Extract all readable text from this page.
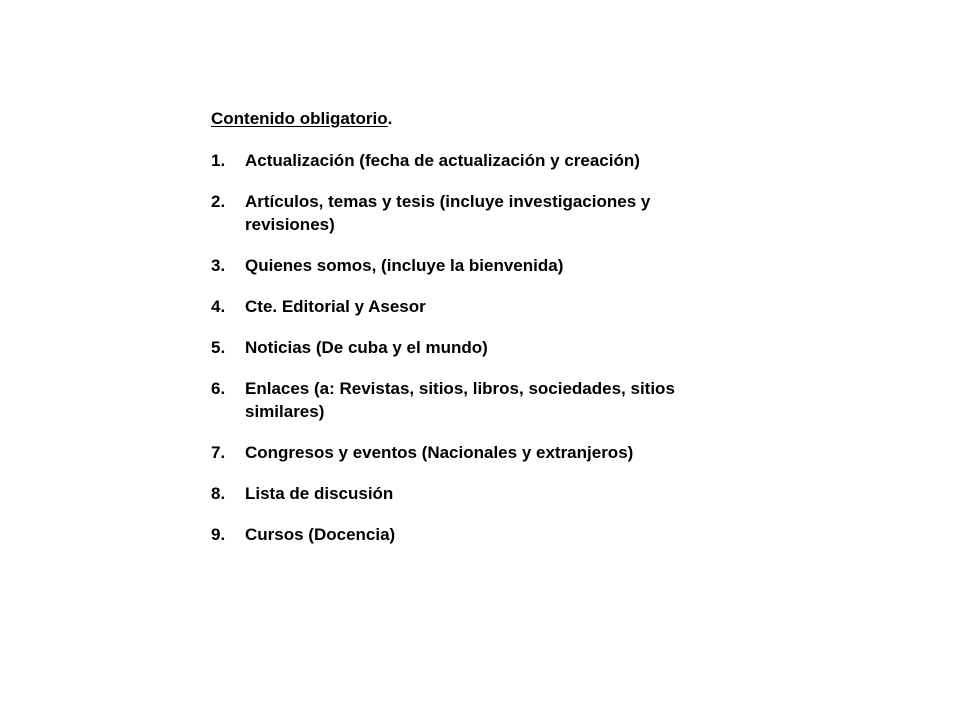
Contenido obligatorio.
1.	Actualización (fecha de actualización y creación)
2.	Artículos, temas y tesis (incluye investigaciones y revisiones)
3.	Quienes somos, (incluye la bienvenida)
4.	Cte. Editorial y Asesor
5.	Noticias (De cuba y el mundo)
6.	Enlaces (a: Revistas, sitios, libros, sociedades, sitios similares)
7.	Congresos y eventos (Nacionales y extranjeros)
8.	Lista de discusión
9.	Cursos (Docencia)
